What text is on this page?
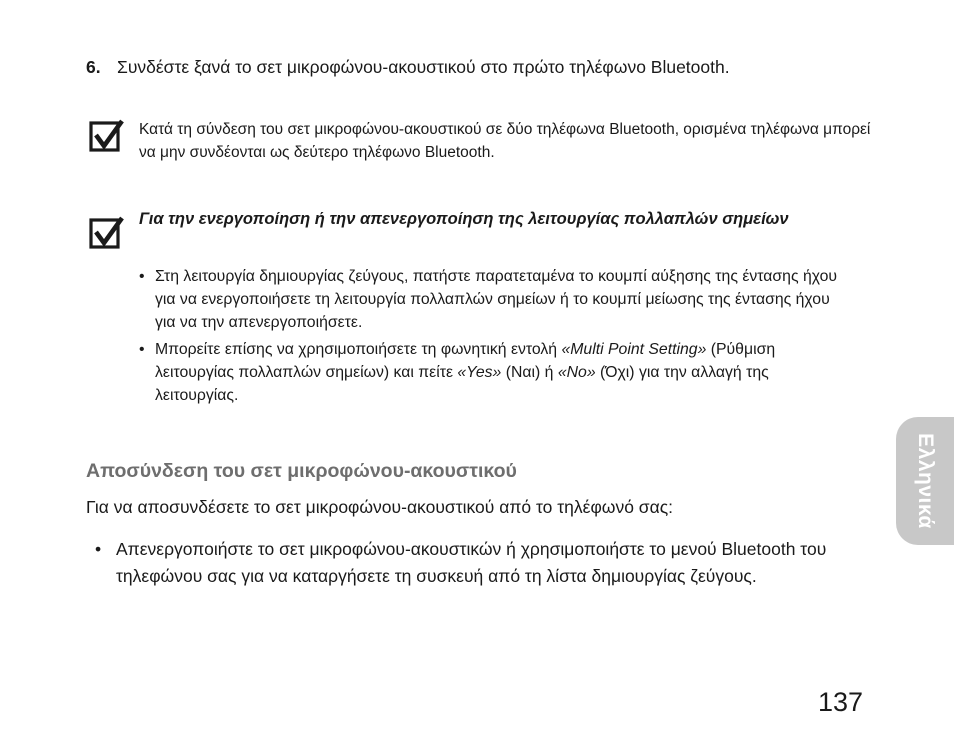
6. Συνδέστε ξανά το σετ μικροφώνου-ακουστικού στο πρώτο τηλέφωνο Bluetooth.
Κατά τη σύνδεση του σετ μικροφώνου-ακουστικού σε δύο τηλέφωνα Bluetooth, ορισμένα τηλέφωνα μπορεί να μην συνδέονται ως δεύτερο τηλέφωνο Bluetooth.
Για την ενεργοποίηση ή την απενεργοποίηση της λειτουργίας πολλαπλών σημείων
• Στη λειτουργία δημιουργίας ζεύγους, πατήστε παρατεταμένα το κουμπί αύξησης της έντασης ήχου για να ενεργοποιήσετε τη λειτουργία πολλαπλών σημείων ή το κουμπί μείωσης της έντασης ήχου για να την απενεργοποιήσετε.
• Μπορείτε επίσης να χρησιμοποιήσετε τη φωνητική εντολή «Multi Point Setting» (Ρύθμιση λειτουργίας πολλαπλών σημείων) και πείτε «Yes» (Ναι) ή «No» (Όχι) για την αλλαγή της λειτουργίας.
Αποσύνδεση του σετ μικροφώνου-ακουστικού
Για να αποσυνδέσετε το σετ μικροφώνου-ακουστικού από το τηλέφωνό σας:
• Απενεργοποιήστε το σετ μικροφώνου-ακουστικών ή χρησιμοποιήστε το μενού Bluetooth του τηλεφώνου σας για να καταργήσετε τη συσκευή από τη λίστα δημιουργίας ζεύγους.
Ελληνικά
137
